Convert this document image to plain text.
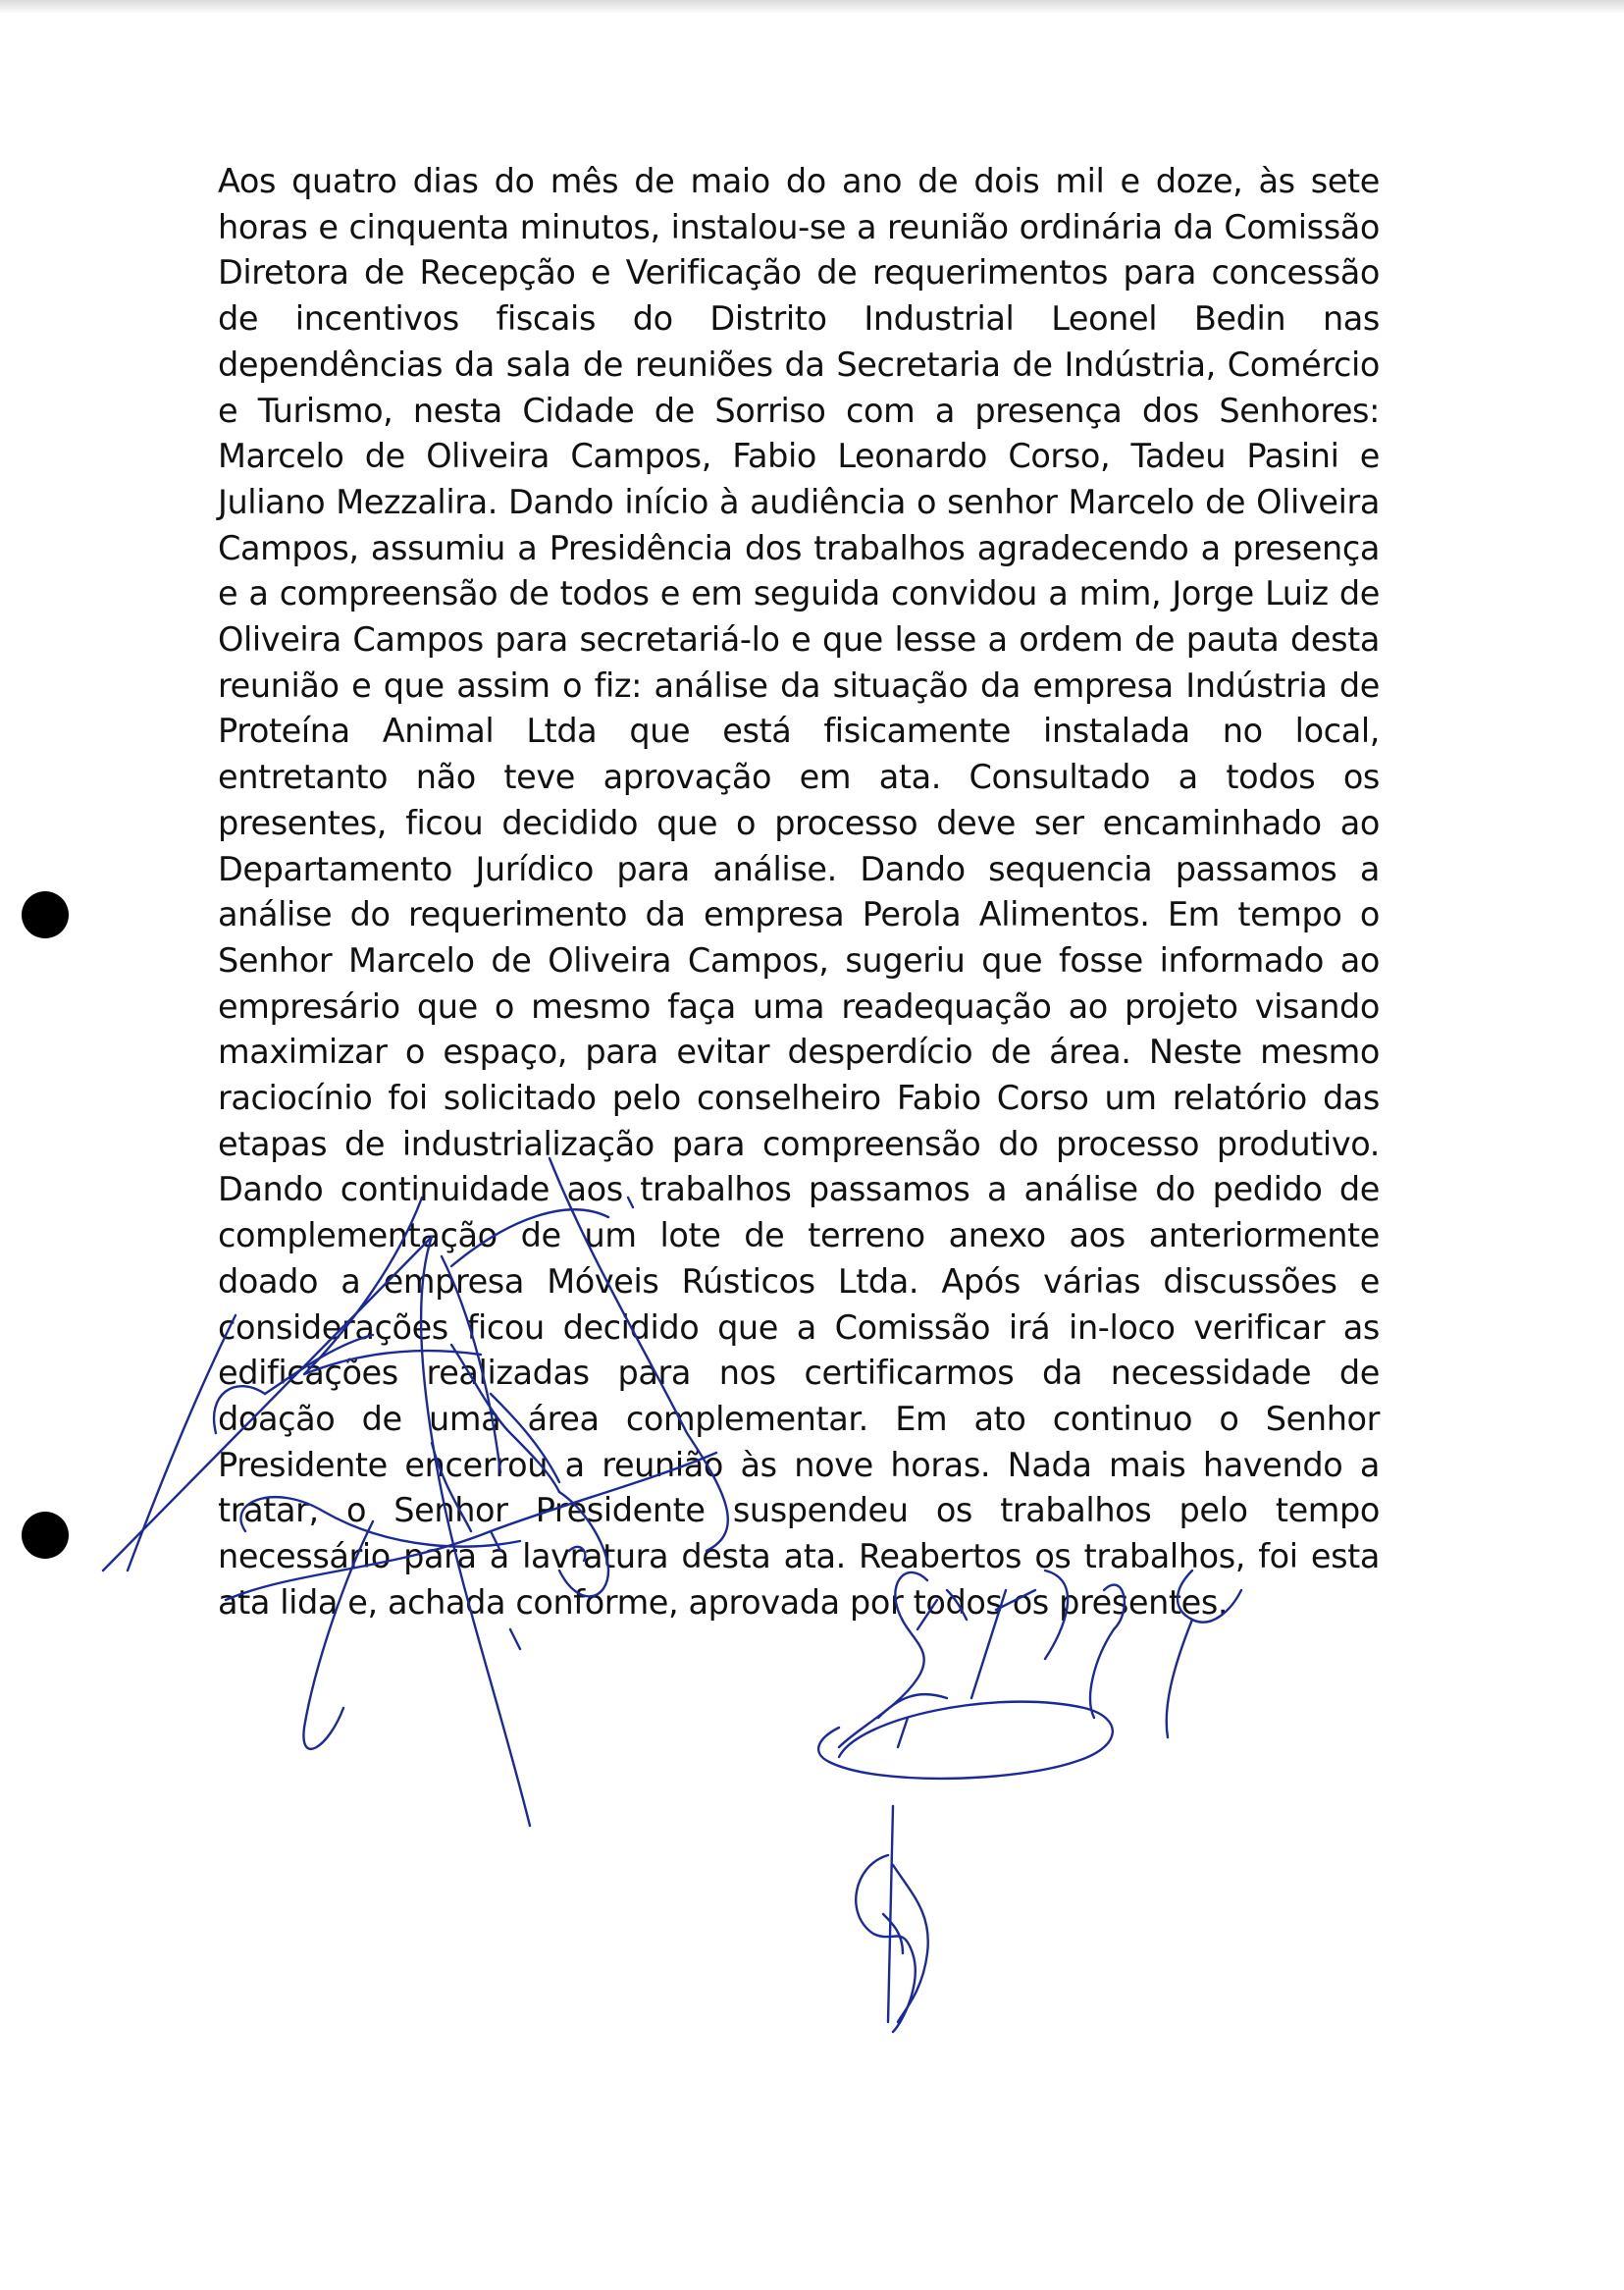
Aos quatro dias do mês de maio do ano de dois mil e doze, às sete horas e cinquenta minutos, instalou-se a reunião ordinária da Comissão Diretora de Recepção e Verificação de requerimentos para concessão de incentivos fiscais do Distrito Industrial Leonel Bedin nas dependências da sala de reuniões da Secretaria de Indústria, Comércio e Turismo, nesta Cidade de Sorriso com a presença dos Senhores: Marcelo de Oliveira Campos, Fabio Leonardo Corso, Tadeu Pasini e Juliano Mezzalira. Dando início à audiência o senhor Marcelo de Oliveira Campos, assumiu a Presidência dos trabalhos agradecendo a presença e a compreensão de todos e em seguida convidou a mim, Jorge Luiz de Oliveira Campos para secretariá-lo e que lesse a ordem de pauta desta reunião e que assim o fiz: análise da situação da empresa Indústria de Proteína Animal Ltda que está fisicamente instalada no local, entretanto não teve aprovação em ata. Consultado a todos os presentes, ficou decidido que o processo deve ser encaminhado ao Departamento Jurídico para análise. Dando sequencia passamos a análise do requerimento da empresa Perola Alimentos. Em tempo o Senhor Marcelo de Oliveira Campos, sugeriu que fosse informado ao empresário que o mesmo faça uma readequação ao projeto visando maximizar o espaço, para evitar desperdício de área. Neste mesmo raciocínio foi solicitado pelo conselheiro Fabio Corso um relatório das etapas de industrialização para compreensão do processo produtivo. Dando continuidade aos trabalhos passamos a análise do pedido de complementação de um lote de terreno anexo aos anteriormente doado a empresa Móveis Rústicos Ltda. Após várias discussões e considerações ficou decidido que a Comissão irá in-loco verificar as edificações realizadas para nos certificarmos da necessidade de doação de uma área complementar. Em ato continuo o Senhor Presidente encerrou a reunião às nove horas. Nada mais havendo a tratar, o Senhor Presidente suspendeu os trabalhos pelo tempo necessário para a lavratura desta ata. Reabertos os trabalhos, foi esta ata lida e, achada conforme, aprovada por todos os presentes.
